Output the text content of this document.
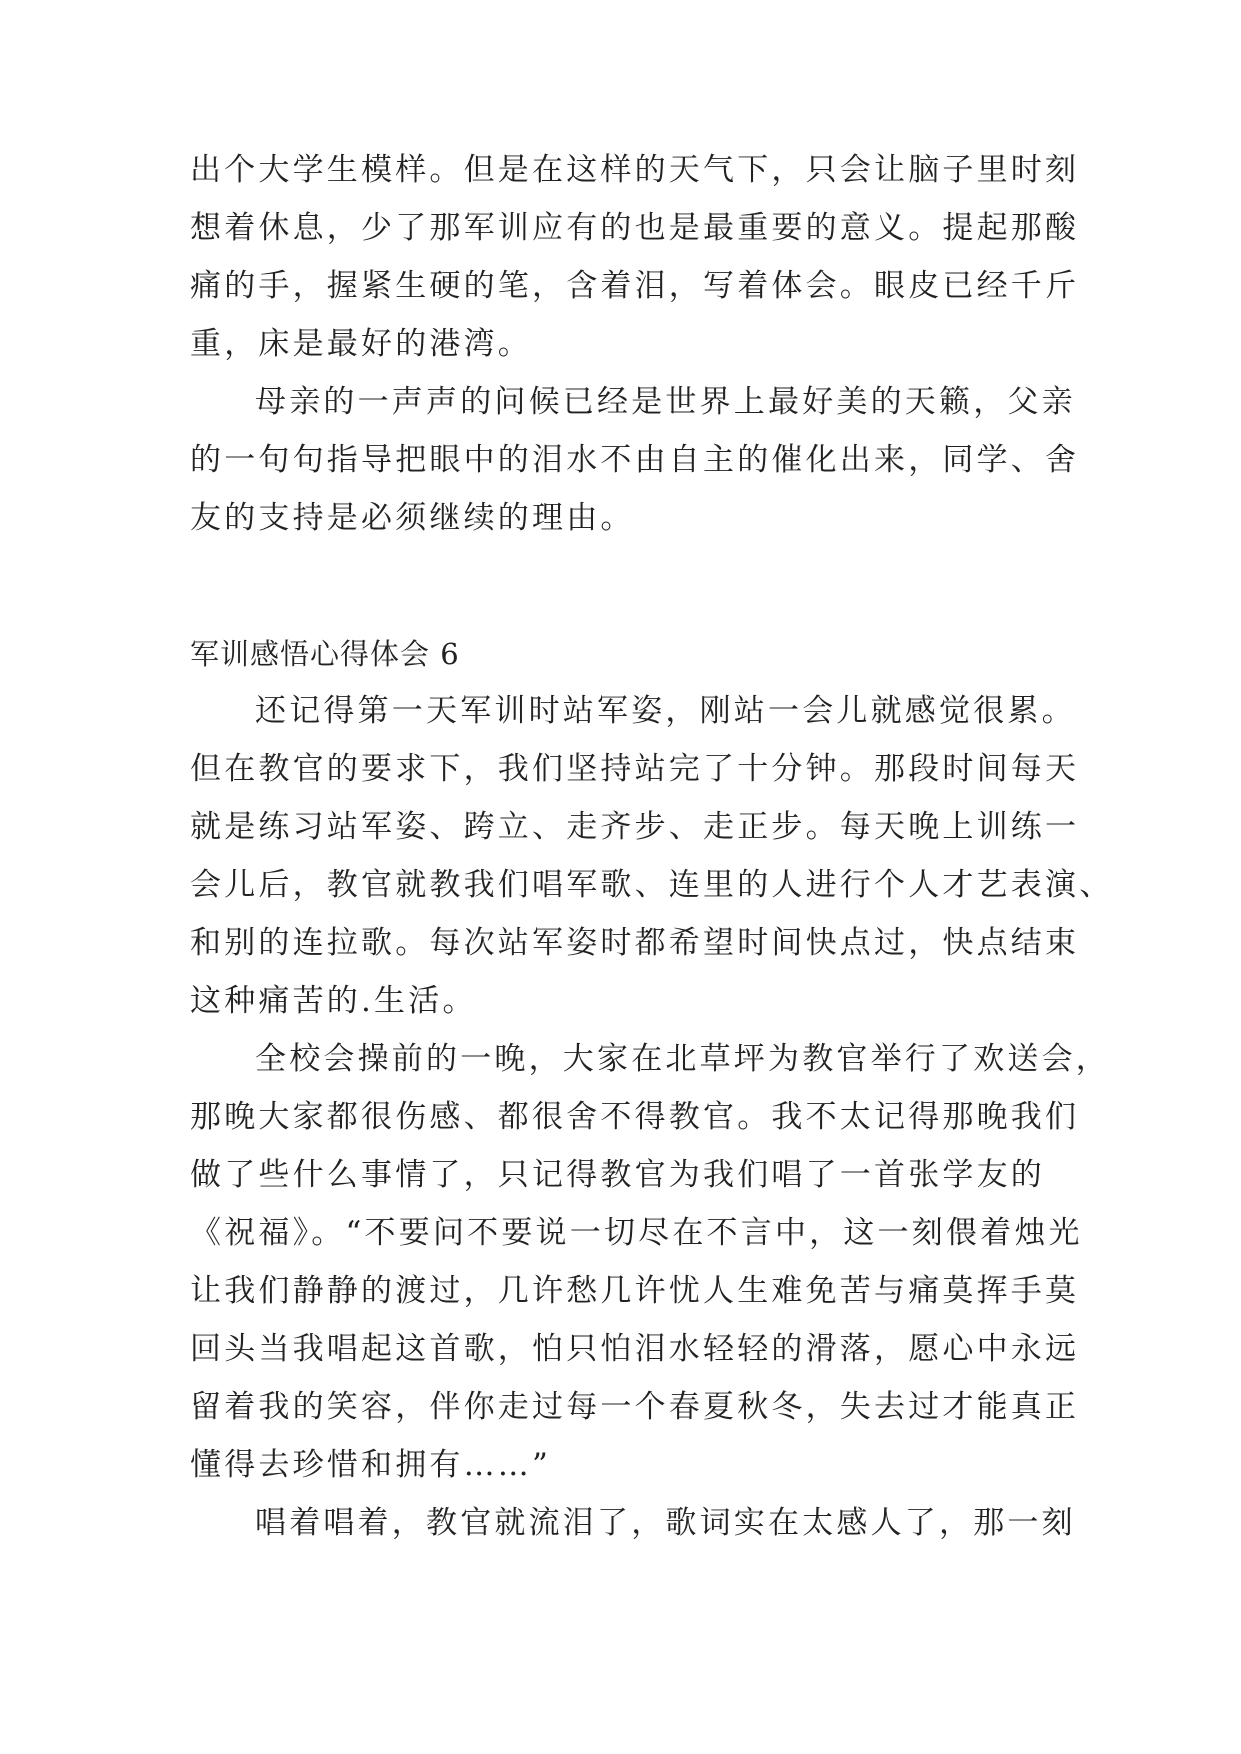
出个大学生模样。但是在这样的天气下，只会让脑子里时刻
想着休息，少了那军训应有的也是最重要的意义。提起那酸
痛的手，握紧生硬的笔，含着泪，写着体会。眼皮已经千斤
重，床是最好的港湾。
母亲的一声声的问候已经是世界上最好美的天籁，父亲
的一句句指导把眼中的泪水不由自主的催化出来，同学、舍
友的支持是必须继续的理由。
军训感悟心得体会 6
还记得第一天军训时站军姿，刚站一会儿就感觉很累。
但在教官的要求下，我们坚持站完了十分钟。那段时间每天
就是练习站军姿、跨立、走齐步、走正步。每天晚上训练一
会儿后，教官就教我们唱军歌、连里的人进行个人才艺表演、
和别的连拉歌。每次站军姿时都希望时间快点过，快点结束
这种痛苦的.生活。
全校会操前的一晚，大家在北草坪为教官举行了欢送会，
那晚大家都很伤感、都很舍不得教官。我不太记得那晚我们
做了些什么事情了，只记得教官为我们唱了一首张学友的
《祝福》。“不要问不要说一切尽在不言中，这一刻偎着烛光
让我们静静的渡过，几许愁几许忧人生难免苦与痛莫挥手莫
回头当我唱起这首歌，怕只怕泪水轻轻的滑落，愿心中永远
留着我的笑容，伴你走过每一个春夏秋冬，失去过才能真正
懂得去珍惜和拥有……”
唱着唱着，教官就流泪了，歌词实在太感人了，那一刻
